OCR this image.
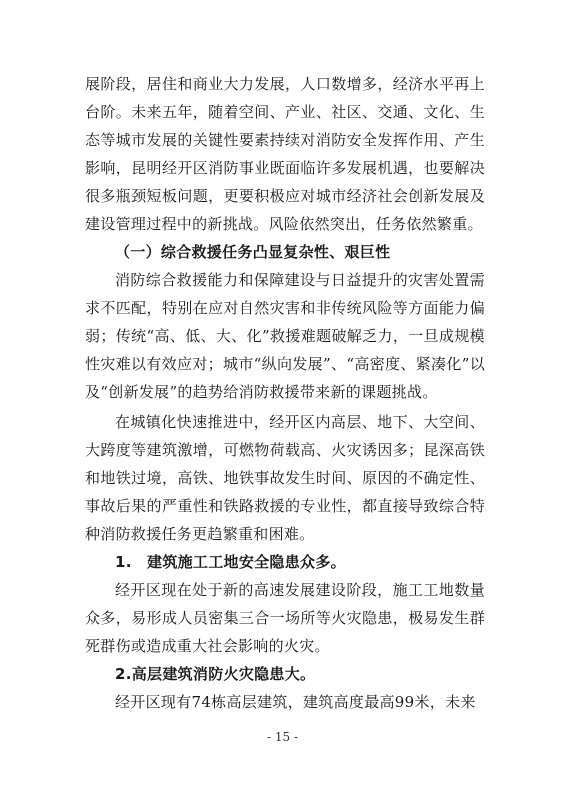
展阶段，居住和商业大力发展，人口数增多，经济水平再上台阶。未来五年，随着空间、产业、社区、交通、文化、生态等城市发展的关键性要素持续对消防安全发挥作用、产生影响，昆明经开区消防事业既面临许多发展机遇，也要解决很多瓶颈短板问题，更要积极应对城市经济社会创新发展及建设管理过程中的新挑战。风险依然突出，任务依然繁重。

（一）综合救援任务凸显复杂性、艰巨性

消防综合救援能力和保障建设与日益提升的灾害处置需求不匹配，特别在应对自然灾害和非传统风险等方面能力偏弱；传统“高、低、大、化”救援难题破解乏力，一旦成规模性灾难以有效应对；城市“纵向发展”、“高密度、紧凑化”以及“创新发展”的趋势给消防救援带来新的课题挑战。

在城镇化快速推进中，经开区内高层、地下、大空间、大跨度等建筑激增，可燃物荷载高、火灾诱因多；昆深高铁和地铁过境，高铁、地铁事故发生时间、原因的不确定性、事故后果的严重性和铁路救援的专业性，都直接导致综合特种消防救援任务更趋繁重和困难。

1.　建筑施工工地安全隐患众多。

经开区现在处于新的高速发展建设阶段，施工工地数量众多，易形成人员密集三合一场所等火灾隐患，极易发生群死群伤或造成重大社会影响的火灾。

2.高层建筑消防火灾隐患大。

经开区现有74栋高层建筑，建筑高度最高99米，未来

- 15 -
